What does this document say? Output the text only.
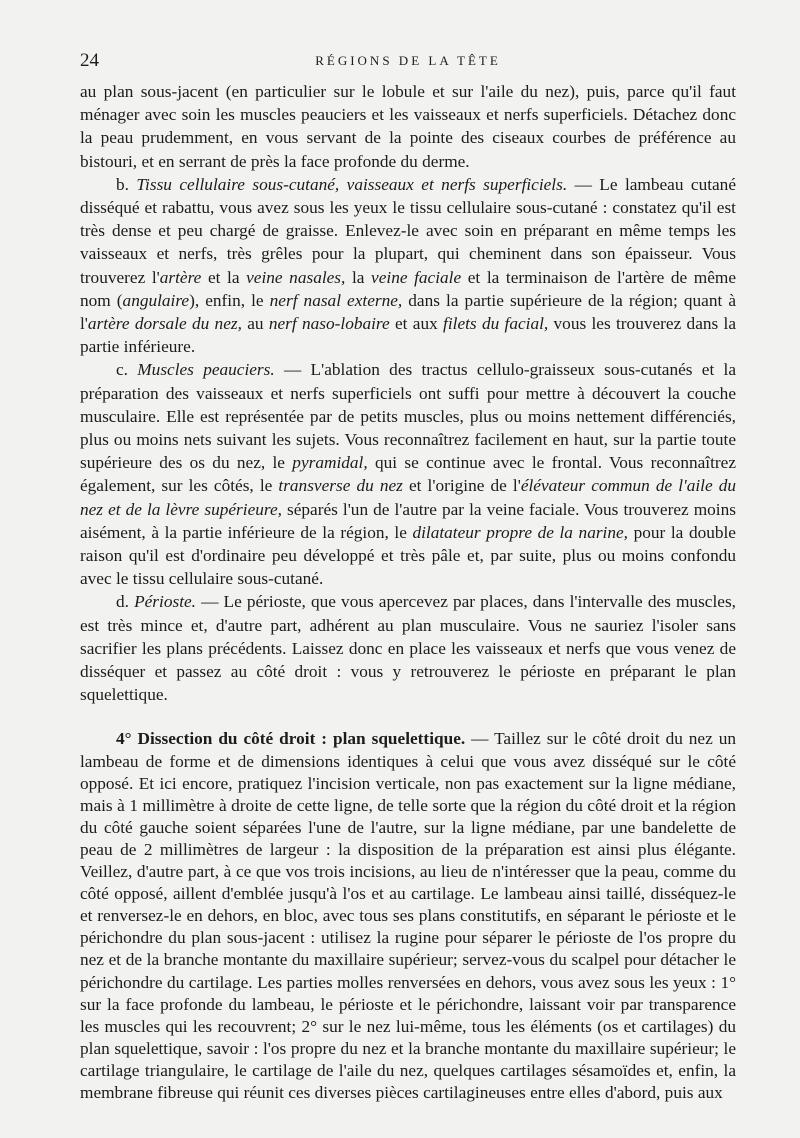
24	RÉGIONS DE LA TÊTE

au plan sous-jacent (en particulier sur le lobule et sur l'aile du nez), puis, parce qu'il faut ménager avec soin les muscles peauciers et les vaisseaux et nerfs superficiels. Détachez donc la peau prudemment, en vous servant de la pointe des ciseaux courbes de préférence au bistouri, et en serrant de près la face profonde du derme.

b. Tissu cellulaire sous-cutané, vaisseaux et nerfs superficiels. — Le lambeau cutané disséqué et rabattu, vous avez sous les yeux le tissu cellulaire sous-cutané : constatez qu'il est très dense et peu chargé de graisse. Enlevez-le avec soin en préparant en même temps les vaisseaux et nerfs, très grêles pour la plupart, qui cheminent dans son épaisseur. Vous trouverez l'artère et la veine nasales, la veine faciale et la terminaison de l'artère de même nom (angulaire), enfin, le nerf nasal externe, dans la partie supérieure de la région; quant à l'artère dorsale du nez, au nerf naso-lobaire et aux filets du facial, vous les trouverez dans la partie inférieure.

c. Muscles peauciers. — L'ablation des tractus cellulo-graisseux sous-cutanés et la préparation des vaisseaux et nerfs superficiels ont suffi pour mettre à découvert la couche musculaire. Elle est représentée par de petits muscles, plus ou moins nettement différenciés, plus ou moins nets suivant les sujets. Vous reconnaîtrez facilement en haut, sur la partie toute supérieure des os du nez, le pyramidal, qui se continue avec le frontal. Vous reconnaîtrez également, sur les côtés, le transverse du nez et l'origine de l'élévateur commun de l'aile du nez et de la lèvre supérieure, séparés l'un de l'autre par la veine faciale. Vous trouverez moins aisément, à la partie inférieure de la région, le dilatateur propre de la narine, pour la double raison qu'il est d'ordinaire peu développé et très pâle et, par suite, plus ou moins confondu avec le tissu cellulaire sous-cutané.

d. Périoste. — Le périoste, que vous apercevez par places, dans l'intervalle des muscles, est très mince et, d'autre part, adhérent au plan musculaire. Vous ne sauriez l'isoler sans sacrifier les plans précédents. Laissez donc en place les vaisseaux et nerfs que vous venez de disséquer et passez au côté droit : vous y retrouverez le périoste en préparant le plan squelettique.

4° Dissection du côté droit : plan squelettique. — Taillez sur le côté droit du nez un lambeau de forme et de dimensions identiques à celui que vous avez disséqué sur le côté opposé. Et ici encore, pratiquez l'incision verticale, non pas exactement sur la ligne médiane, mais à 1 millimètre à droite de cette ligne, de telle sorte que la région du côté droit et la région du côté gauche soient séparées l'une de l'autre, sur la ligne médiane, par une bandelette de peau de 2 millimètres de largeur : la disposition de la préparation est ainsi plus élégante. Veillez, d'autre part, à ce que vos trois incisions, au lieu de n'intéresser que la peau, comme du côté opposé, aillent d'emblée jusqu'à l'os et au cartilage. Le lambeau ainsi taillé, disséquez-le et renversez-le en dehors, en bloc, avec tous ses plans constitutifs, en séparant le périoste et le périchondre du plan sous-jacent : utilisez la rugine pour séparer le périoste de l'os propre du nez et de la branche montante du maxillaire supérieur; servez-vous du scalpel pour détacher le périchondre du cartilage. Les parties molles renversées en dehors, vous avez sous les yeux : 1° sur la face profonde du lambeau, le périoste et le périchondre, laissant voir par transparence les muscles qui les recouvrent; 2° sur le nez lui-même, tous les éléments (os et cartilages) du plan squelettique, savoir : l'os propre du nez et la branche montante du maxillaire supérieur; le cartilage triangulaire, le cartilage de l'aile du nez, quelques cartilages sésamoïdes et, enfin, la membrane fibreuse qui réunit ces diverses pièces cartilagineuses entre elles d'abord, puis aux
